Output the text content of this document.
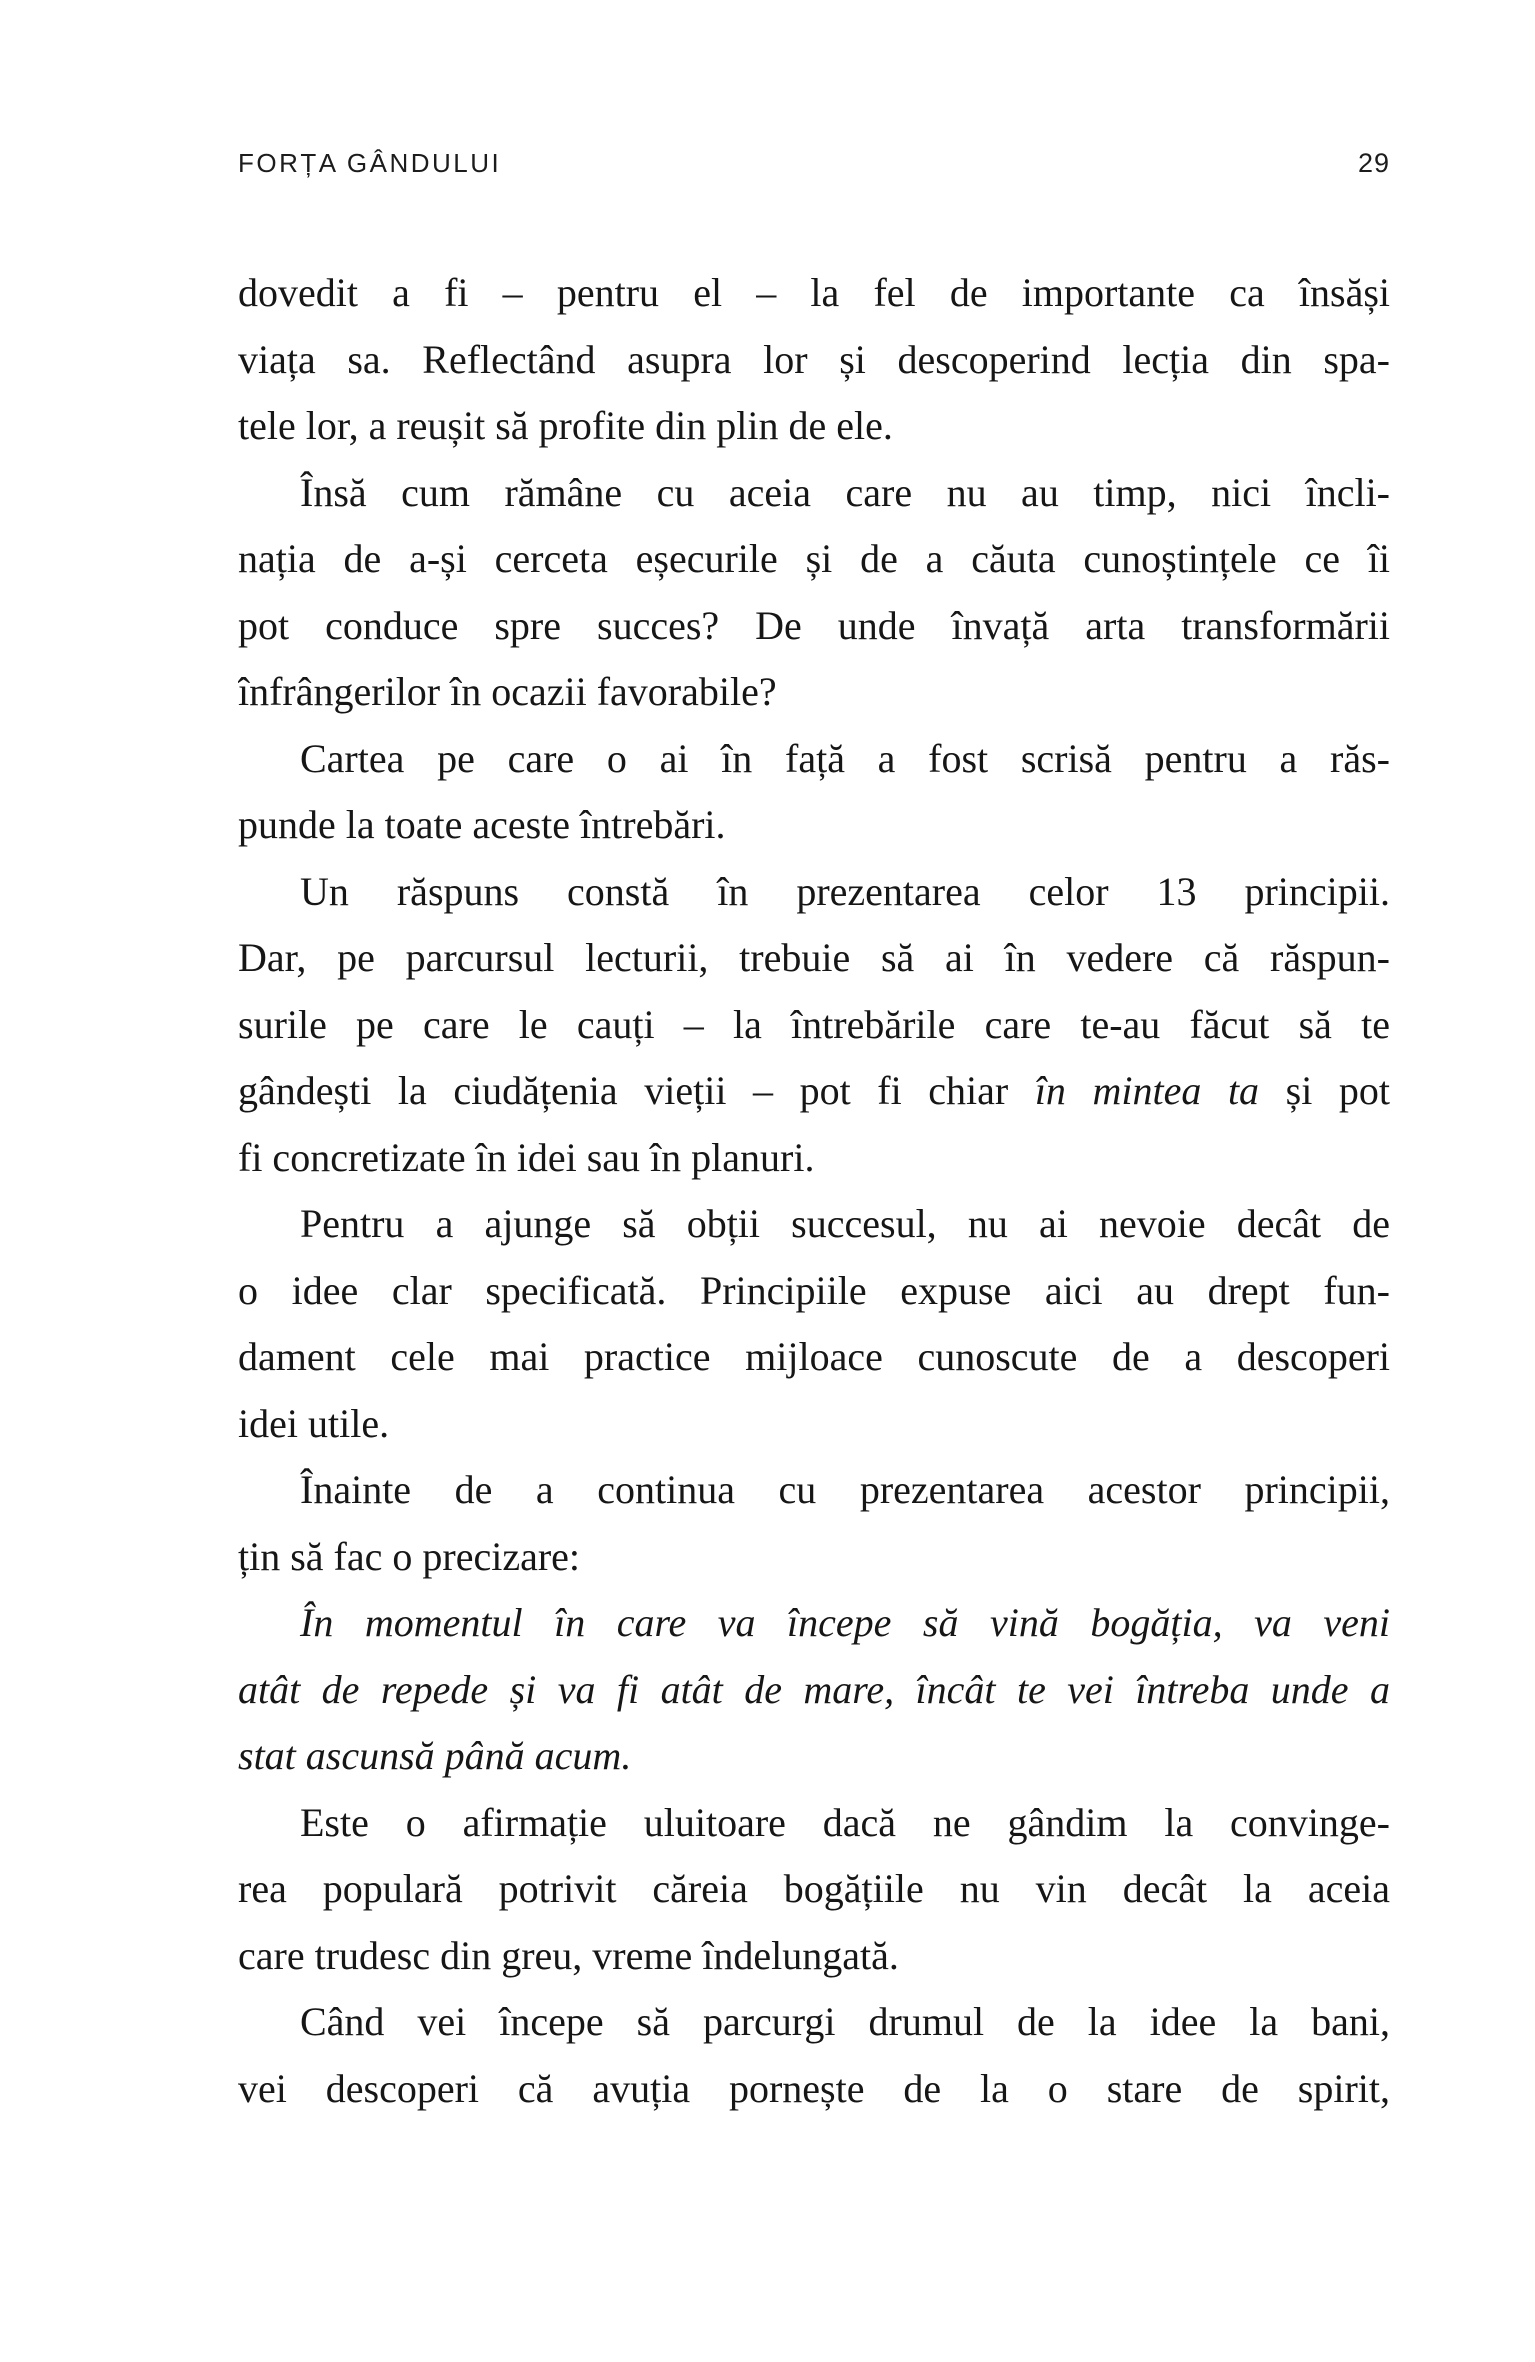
FORȚA GÂNDULUI	29
dovedit a fi – pentru el – la fel de importante ca însăși
viața sa. Reflectând asupra lor și descoperind lecția din spa-
tele lor, a reușit să profite din plin de ele.
Însă cum rămâne cu aceia care nu au timp, nici încli-
nația de a-și cerceta eșecurile și de a căuta cunoștințele ce îi
pot conduce spre succes? De unde învață arta transformării
înfrângerilor în ocazii favorabile?
Cartea pe care o ai în față a fost scrisă pentru a răs-
punde la toate aceste întrebări.
Un răspuns constă în prezentarea celor 13 principii.
Dar, pe parcursul lecturii, trebuie să ai în vedere că răspun-
surile pe care le cauți – la întrebările care te-au făcut să te
gândești la ciudățenia vieții – pot fi chiar în mintea ta și pot
fi concretizate în idei sau în planuri.
Pentru a ajunge să obții succesul, nu ai nevoie decât de
o idee clar specificată. Principiile expuse aici au drept fun-
dament cele mai practice mijloace cunoscute de a descoperi
idei utile.
Înainte de a continua cu prezentarea acestor principii,
țin să fac o precizare:
În momentul în care va începe să vină bogăția, va veni
atât de repede și va fi atât de mare, încât te vei întreba unde a
stat ascunsă până acum.
Este o afirmație uluitoare dacă ne gândim la convinge-
rea populară potrivit căreia bogățiile nu vin decât la aceia
care trudesc din greu, vreme îndelungată.
Când vei începe să parcurgi drumul de la idee la bani,
vei descoperi că avuția pornește de la o stare de spirit,
